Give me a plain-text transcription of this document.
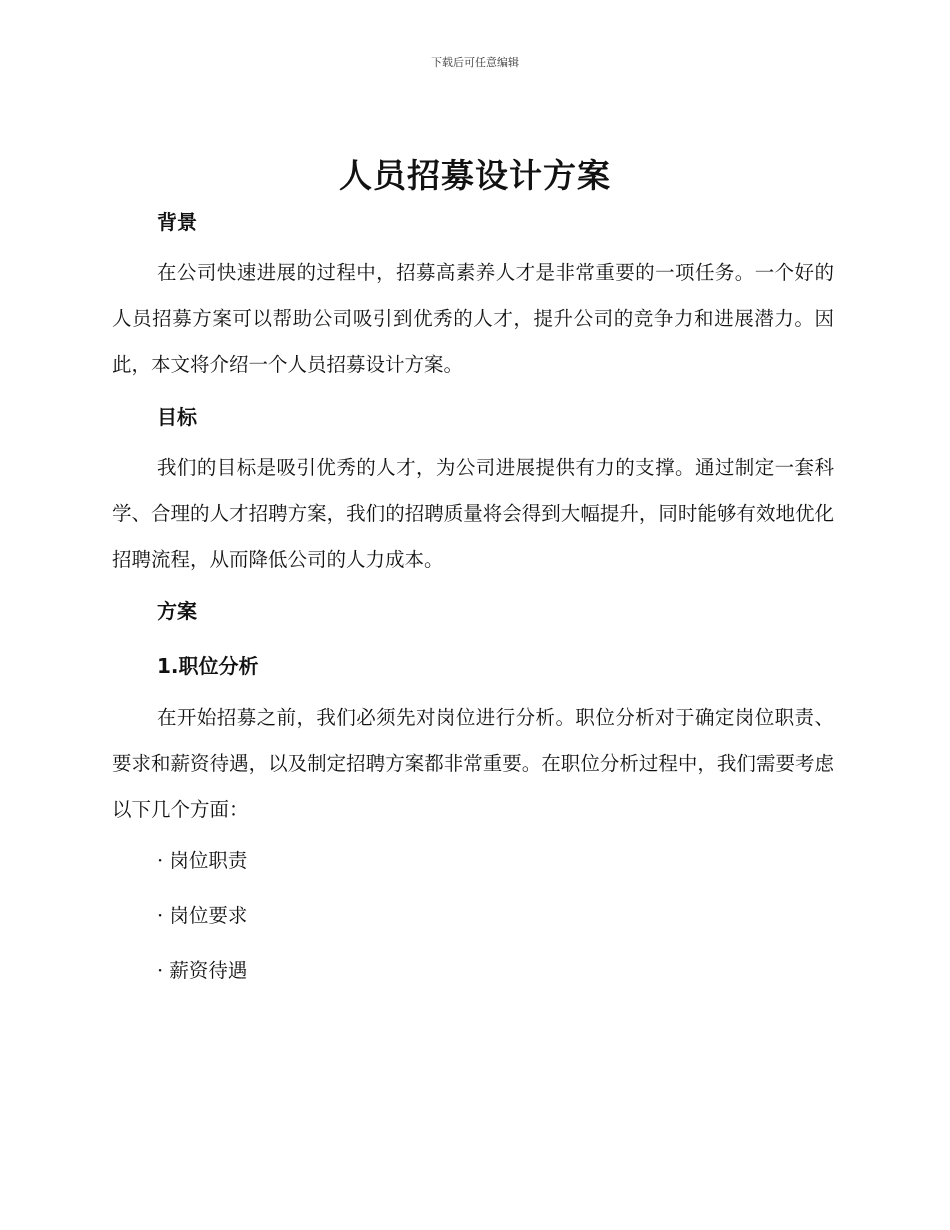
下载后可任意编辑
人员招募设计方案
背景

在公司快速进展的过程中，招募高素养人才是非常重要的一项任务。一个好的人员招募方案可以帮助公司吸引到优秀的人才，提升公司的竞争力和进展潜力。因此，本文将介绍一个人员招募设计方案。

目标

我们的目标是吸引优秀的人才，为公司进展提供有力的支撑。通过制定一套科学、合理的人才招聘方案，我们的招聘质量将会得到大幅提升，同时能够有效地优化招聘流程，从而降低公司的人力成本。

方案
1.职位分析

在开始招募之前，我们必须先对岗位进行分析。职位分析对于确定岗位职责、要求和薪资待遇，以及制定招聘方案都非常重要。在职位分析过程中，我们需要考虑以下几个方面：

· 岗位职责

· 岗位要求

· 薪资待遇
